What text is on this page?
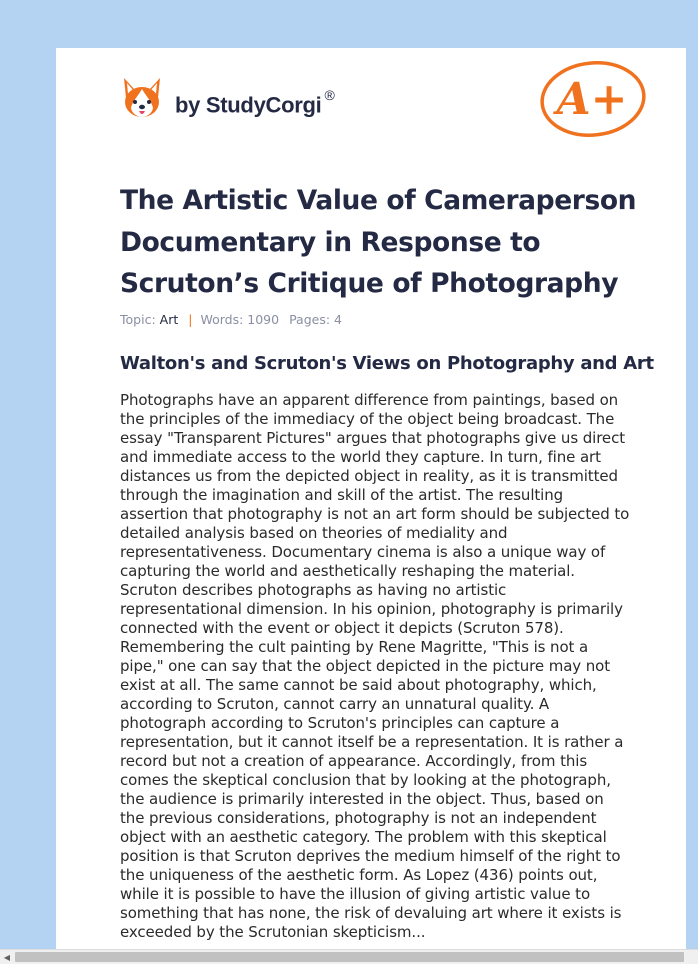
by StudyCorgi ®	A+
The Artistic Value of Cameraperson Documentary in Response to Scruton’s Critique of Photography
Topic: Art | Words: 1090 Pages: 4
Walton's and Scruton's Views on Photography and Art

Photographs have an apparent difference from paintings, based on the principles of the immediacy of the object being broadcast. The essay "Transparent Pictures" argues that photographs give us direct and immediate access to the world they capture. In turn, fine art distances us from the depicted object in reality, as it is transmitted through the imagination and skill of the artist. The resulting assertion that photography is not an art form should be subjected to detailed analysis based on theories of mediality and representativeness. Documentary cinema is also a unique way of capturing the world and aesthetically reshaping the material. Scruton describes photographs as having no artistic representational dimension. In his opinion, photography is primarily connected with the event or object it depicts (Scruton 578). Remembering the cult painting by Rene Magritte, "This is not a pipe," one can say that the object depicted in the picture may not exist at all. The same cannot be said about photography, which, according to Scruton, cannot carry an unnatural quality. A photograph according to Scruton's principles can capture a representation, but it cannot itself be a representation. It is rather a record but not a creation of appearance. Accordingly, from this comes the skeptical conclusion that by looking at the photograph, the audience is primarily interested in the object. Thus, based on the previous considerations, photography is not an independent object with an aesthetic category. The problem with this skeptical position is that Scruton deprives the medium himself of the right to the uniqueness of the aesthetic form. As Lopez (436) points out, while it is possible to have the illusion of giving artistic value to something that has none, the risk of devaluing art where it exists is exceeded by the Scrutonian skepticism...

◀
